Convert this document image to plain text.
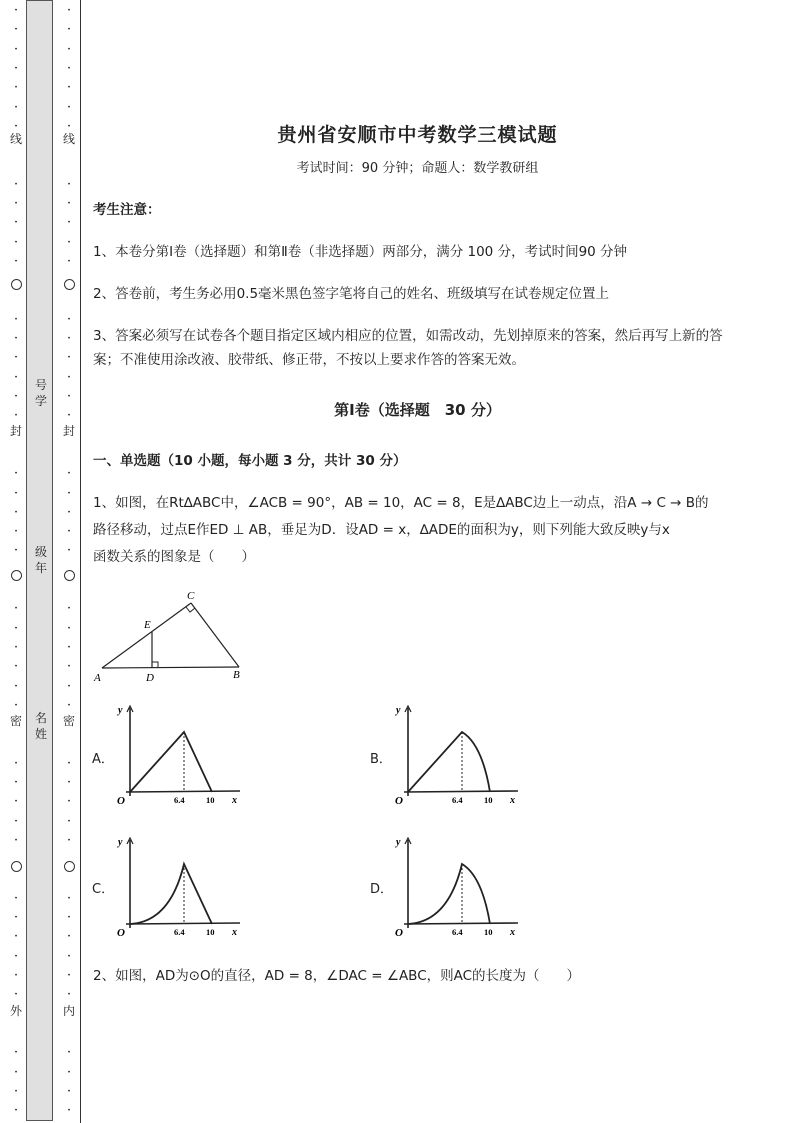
•
•
•
•
•
•
•
•
•
•
•
•
•
•
•
•
•
•
•
•
•
•
•
•
•
•
•
•
•
•
•
•
•
•
•
•
•
•
•
•
•
•
•
•
•
•
•
•
•
•
•
•
•
•
•
•
•
•
•
•
•
•
•
•
•
•
•
•
•
•
•
•
•
•
•
•
•
•
•
•
•
•
•
•
•
•
•
•
线
封
密
外
线
封
密
内
号
学
级
年
名
姓
贵州省安顺市中考数学三模试题
考试时间：90 分钟；命题人：数学教研组
考生注意：
1、本卷分第Ⅰ卷（选择题）和第Ⅱ卷（非选择题）两部分，满分 100 分，考试时间90 分钟
2、答卷前，考生务必用0.5毫米黑色签字笔将自己的姓名、班级填写在试卷规定位置上
3、答案必须写在试卷各个题目指定区域内相应的位置，如需改动，先划掉原来的答案，然后再写上新的答案；不准使用涂改液、胶带纸、修正带，不按以上要求作答的答案无效。
第Ⅰ卷（选择题　30 分）
一、单选题（10 小题，每小题 3 分，共计 30 分）
1、如图，在Rt∆ABC中，∠ACB = 90°，AB = 10，AC = 8，E是∆ABC边上一动点，沿A → C → B的
路径移动，过点E作ED ⊥ AB，垂足为D．设AD = x，∆ADE的面积为y，则下列能大致反映y与x
函数关系的图象是（　　）
A	D	B
C
E
A．	B．
C．	D．
y
O	6.4	10 x
y
O	6.4	10 x
y
O	6.4	10 x
y
O	6.4	10 x
2、如图，AD为⊙O的直径，AD = 8，∠DAC = ∠ABC，则AC的长度为（　　）
